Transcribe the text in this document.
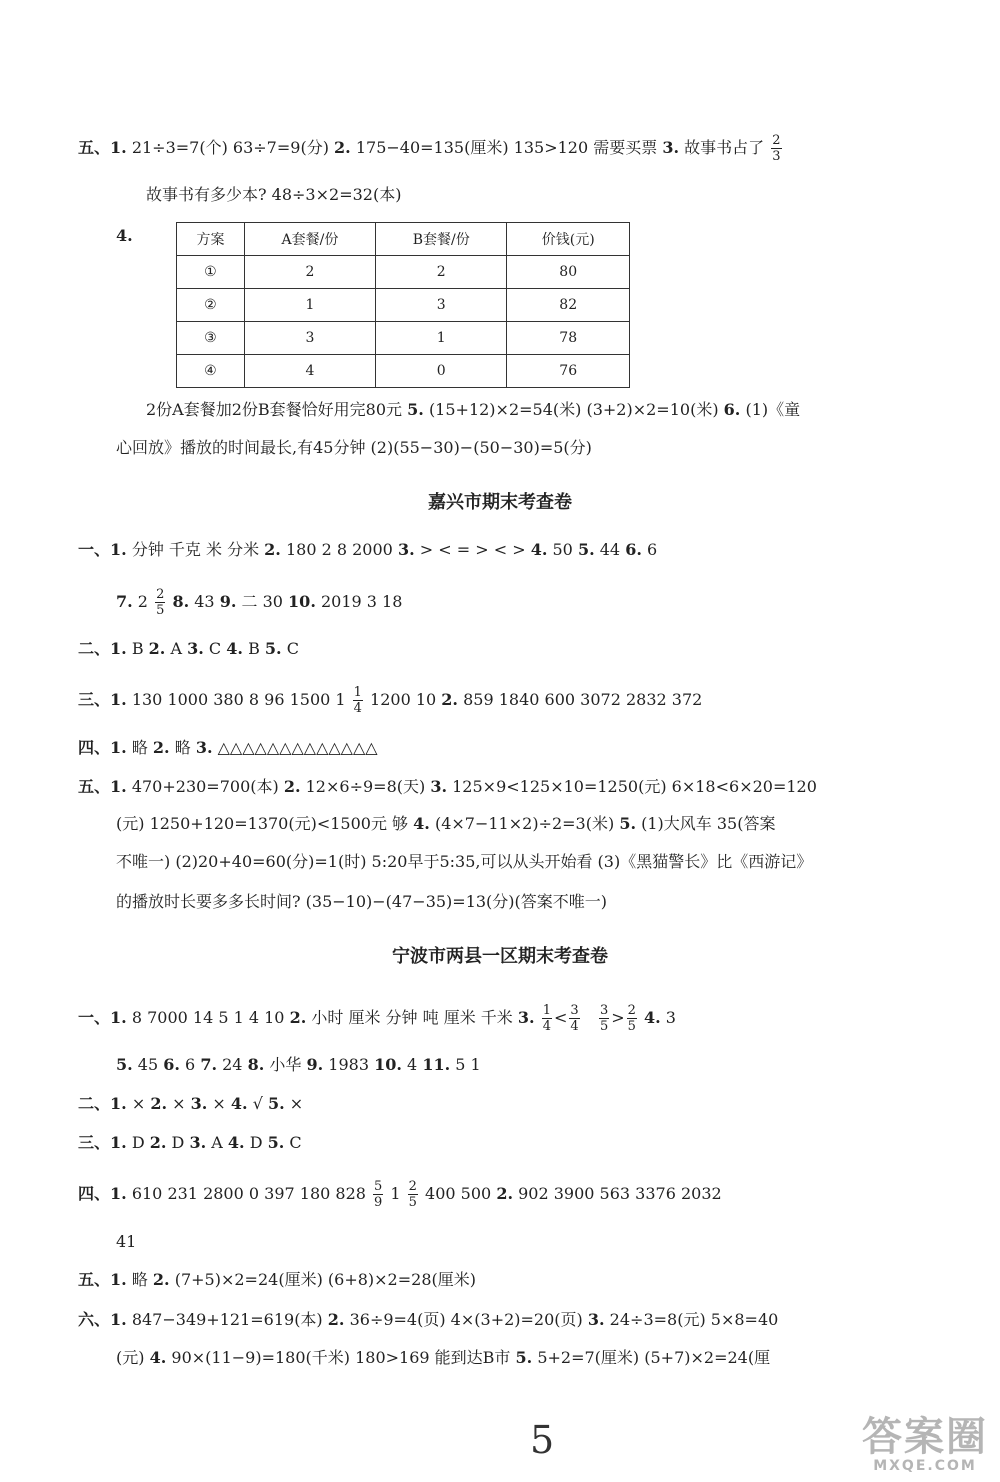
五、1. 21÷3=7(个) 63÷7=9(分) 2. 175−40=135(厘米) 135>120 需要买票 3. 故事书占了 $\frac{2}{3}$
故事书有多少本? 48÷3×2=32(本)
4.	方案	A套餐/份	B套餐/份	价钱(元)
①	2	2	80
②	1	3	82
③	3	1	78
④	4	0	76
2份A套餐加2份B套餐恰好用完80元 5. (15+12)×2=54(米) (3+2)×2=10(米) 6. (1)《童
心回放》播放的时间最长,有45分钟 (2)(55−30)−(50−30)=5(分)
嘉兴市期末考查卷
一、1. 分钟 千克 米 分米 2. 180 2 8 2000 3. > < = > < > 4. 50 5. 44 6. 6
7. $2 \frac{2}{5} 8$. 43 9. 二 30 10. 2019 3 18
二、1. B 2. A 3. C 4. B 5. C
三、1. 130 1000 380 8 96 1500 $1 \frac{1}{4} 1200$ 10 2. 859 1840 600 3072 2832 372
四、1. 略 2. 略 3. △△△△△△△△△△△△△
五、1. 470+230=700(本) 2. 12×6÷9=8(天) 3. 125×9<125×10=1250(元) 6×18<6×20=120
(元) 1250+120=1370(元)<1500元 够 4. (4×7−11×2)÷2=3(米) 5. (1)大风车 35(答案
不唯一) (2)20+40=60(分)=1(时) 5:20早于5:35,可以从头开始看 (3)《黑猫警长》比《西游记》
的播放时长要多多长时间? (35−10)−(47−35)=13(分)(答案不唯一)
宁波市两县一区期末考查卷
一、1. 8 7000 14 5 1 4 10 2. 小时 厘米 分钟 吨 厘米 千米 3. $\frac{1}{4} < \frac{3}{4}$
$\frac{3}{5} > \frac{2}{5} 4$. 3
5. 45 6. 6 7. 24 8. 小华 9. 1983 10. 4 11. 5 1
二、1. × 2. × 3. × 4. √ 5. ×
三、1. D 2. D 3. A 4. D 5. C
四、1. 610 231 2800 0 397 180 $828 \frac{5}{9} 1 \frac{2}{5} 400$ 500 2. 902 3900 563 3376 2032
41
五、1. 略 2. (7+5)×2=24(厘米) (6+8)×2=28(厘米)
六、1. 847−349+121=619(本) 2. 36÷9=4(页) 4×(3+2)=20(页) 3. 24÷3=8(元) 5×8=40
(元) 4. 90×(11−9)=180(千米) 180>169 能到达B市 5. 5+2=7(厘米) (5+7)×2=24(厘
5	答案圈
MXQE.COM
